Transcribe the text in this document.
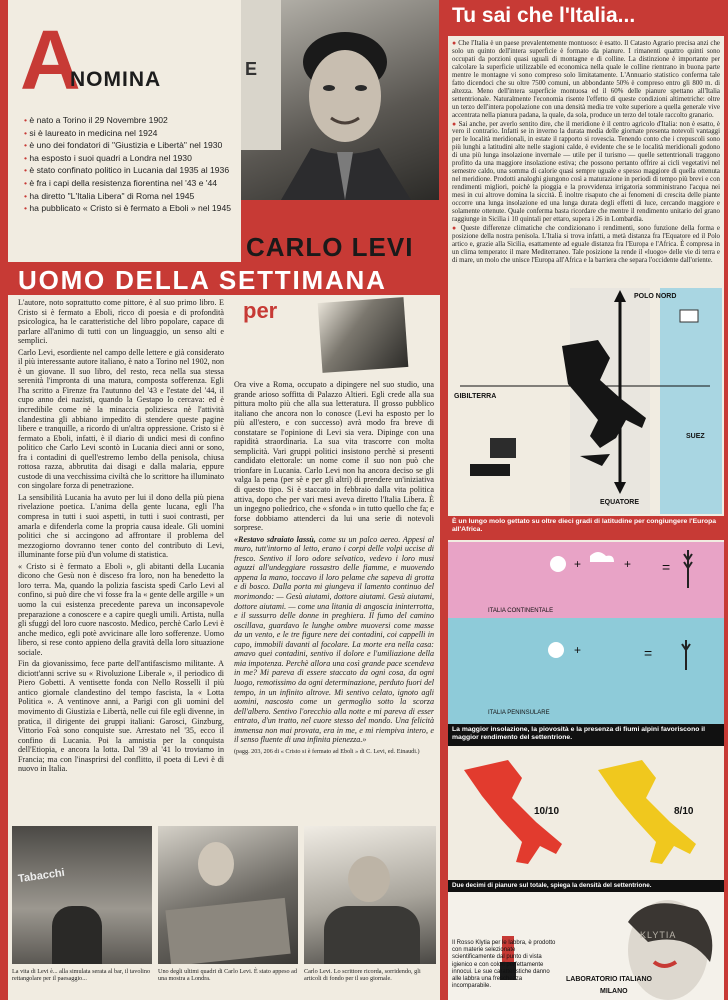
A
NOMINA
• è nato a Torino il 29 Novembre 1902
• si è laureato in medicina nel 1924
• è uno dei fondatori di "Giustizia e Libertà" nel 1930
• ha esposto i suoi quadri a Londra nel 1930
• è stato confinato politico in Lucania dal 1935 al 1936
• è fra i capi della resistenza fiorentina nel '43 e '44
• ha diretto "L'Italia Libera" di Roma nel 1945
• ha pubblicato « Cristo si è fermato a Eboli » nel 1945
E
CARLO LEVI
UOMO DELLA SETTIMANA
per

L'autore, noto soprattutto come pittore, è al suo primo libro. E Cristo si è fermato a Eboli, ricco di poesia e di profondità psicologica, ha le caratteristiche del libro popolare, capace di parlare all'animo di tutti con un linguaggio, un senso alti e semplici.

Carlo Levi, esordiente nel campo delle lettere e già considerato il più interessante autore italiano, è nato a Torino nel 1902, non è un giovane. Il suo libro, del resto, reca nella sua stessa serenità l'impronta di una matura, composta sofferenza. Egli l'ha scritto a Firenze fra l'autunno del '43 e l'estate del '44, il cupo anno dei nazisti, quando la Gestapo lo cercava: ed è incredibile come nè la minaccia poliziesca nè l'attività clandestina gli abbiano impedito di stendere queste pagine libere e tranquille, a ricordo di un'altra oppressione. Cristo si è fermato a Eboli, infatti, è il diario di undici mesi di confino politico che Carlo Levi scontò in Lucania dieci anni or sono, fra i contadini di quell'estremo lembo della penisola, chiusa rottosa razza, abbrutita dai disagi e dalla malaria, eppure custode di una vecchissima civiltà che lo scrittore ha illuminato con singolare forza di penetrazione.

La sensibilità Lucania ha avuto per lui il dono della più piena rivelazione poetica. L'anima della gente lucana, egli l'ha compresa in tutti i suoi aspetti, in tutti i suoi contrasti, per amarla e difenderla come la propria causa ideale. Gli uomini politici che si accingono ad affrontare il problema del mezzogiorno dovranno tener conto del contributo di Levi, illuminante forse più d'un volume di statistica.

« Cristo si è fermato a Eboli », gli abitanti della Lucania dicono che Gesù non è disceso fra loro, non ha benedetto la loro terra. Ma, quando la polizia fascista spedì Carlo Levi al confino, si può dire che vi fosse fra la « gente delle argille » un uomo la cui esistenza precedente pareva un inconsapevole preparazione a conoscere e a capire quegli umili. Artista, nulla gli sfuggì del loro cuore nascosto. Medico, perchè Carlo Levi è anche medico, egli potè avvicinare alle loro sofferenze. Uomo libero, si rese conto appieno della gravità della loro situazione sociale.

Fin da giovanissimo, fece parte dell'antifascismo militante. A diciott'anni scrive su « Rivoluzione Liberale », il periodico di Piero Gobetti. A ventisette fonda con Nello Rosselli il più antico giornale clandestino del tempo fascista, la « Lotta Politica ». A ventinove anni, a Parigi con gli uomini del movimento di Giustizia e Libertà, nelle cui file egli divenne, in pratica, il dirigente dei gruppi italiani: Garosci, Ginzburg, Vittorio Foà sono conquiste sue. Arrestato nel '35, ecco il confino di Lucania. Poi la amnistia per la conquista dell'Etiopia, e ancora la lotta. Dal '39 al '41 lo troviamo in Francia; ma con l'inasprirsi del conflitto, il poeta di Levi è di nuovo in Italia.

Ora vive a Roma, occupato a dipingere nel suo studio, una grande arioso soffitta di Palazzo Altieri. Egli crede alla sua pittura molto più che alla sua letteratura. Il grosso pubblico italiano che ancora non lo conosce (Levi ha esposto per lo più all'estero, e con successo) avrà modo fra breve di constatare se l'opinione di Levi sia vera. Dipinge con una rapidità straordinaria. La sua vita trascorre con molta semplicità. Vari gruppi politici insistono perchè si presenti candidato elettorale: un nome come il suo non può che trionfare in Lucania. Carlo Levi non ha ancora deciso se gli valga la pena (per sè e per gli altri) di prendere un'iniziativa di questo tipo. Si è staccato in febbraio dalla vita politica attiva, dopo che per vari mesi aveva diretto l'Italia Libera. È un ingegno poliedrico, che « sfonda » in tutto quello che fa; e forse dobbiamo attenderci da lui una serie di notevoli sorprese.

«Restavo sdraiato lassù, come su un palco aereo. Appesi al muro, tutt'intorno al letto, erano i corpi delle volpi uccise di fresco. Sentivo il loro odore selvatico, vedevo i loro musi aguzzi all'undeggiare rossastro delle fiamme, e muovendo appena la mano, toccavo il loro pelame che sapeva di grotta e di bosco. Dalla porta mi giungeva il lamento continuo del morimondo: — Gesù aiutami, dottore aiutami. Gesù aiutami, dottore aiutami. — come una litania di angoscia ininterrotta, e il sussurro delle donne in preghiera. Il fumo del camino oscillava, guardavo le lunghe ombre muoversi come masse da un vento, e le tre figure nere dei contadini, coi cappelli in capo, immobili davanti al focolare. La morte era nella casa: amavo quei contadini, sentivo il dolore e l'umiliazione della mia impotenza. Perchè allora una così grande pace scendeva in me? Mi pareva di essere staccato da ogni cosa, da ogni luogo, remotissimo da ogni determinazione, perduto fuori del tempo, in un infinito altrove. Mi sentivo celato, ignoto agli uomini, nascosto come un germoglio sotto la scorza dell'albero. Sentivo l'orecchio alla notte e mi pareva di esser entrato, d'un tratto, nel cuore stesso del mondo. Una felicità immensa non mai provata, era in me, e mi riempiva intero, e il senso fluente di una infinita pienezza.»

(pagg. 203, 206 di « Cristo si è fermato ad Eboli » di C. Levi, ed. Einaudi.)

Tabacchi
La vita di Levi è... alla simulata serata al bar, il tavolino rettangolare per il paesaggio...
Uno degli ultimi quadri di Carlo Levi. È stato appeso ad una mostra a Londra.
Carlo Levi. Lo scrittore ricorda, sorridendo, gli articoli di fondo per il suo giornale.
Tu sai che l'Italia...

● Che l'Italia è un paese prevalentemente montuoso: è esatto. Il Catasto Agrario precisa anzi che solo un quinto dell'intera superficie è formato da pianure. I rimanenti quattro quinti sono occupati da porzioni quasi uguali di montagne e di colline. La distinzione è importante per calcolare la superficie utilizzabile ed economica nella quale le colline rientrano in buona parte mentre le montagne vi sono compreso solo limitatamente. L'Annuario statistico conferma tale fatto dicendoci che su oltre 7500 comuni, un abbondante 50% è compreso entro gli 800 m. di altezza. Meno dell'intera superficie montuosa ed il 60% delle pianure spettano all'Italia settentrionale. Naturalmente l'economia risente l'effetto di queste condizioni altimetriche: oltre un terzo dell'intera popolazione con una densità media tre volte superiore a quella generale vive accentrata nella pianura padana, la quale, da sola, produce un terzo del totale raccolto granario.

● Sai anche, per averlo sentito dire, che il meridione è il centro agricolo d'Italia: non è esatto, è vero il contrario. Infatti se in inverno la durata media delle giornate presenta notevoli vantaggi per le località meridionali, in estate il rapporto si rovescia. Tenendo conto che i crepuscoli sono più lunghi a latitudini alte nelle stagioni calde, è evidente che se le località meridionali godono di una più lunga insolazione invernale — utile per il turismo — quelle settentrionali traggono profitto da una maggiore insolazione estiva; che possono pertanto offrire ai cicli vegetativi nel semestre caldo, una somma di calorie quasi sempre uguale e spesso maggiore di quella ottenuta nel meridione. Prodotti analoghi giungono così a maturazione in periodi di tempo più brevi e con rendimenti migliori, poichè la pioggia e la provvidenza irrigatoria somministrano l'acqua nei mesi in cui altrove domina la siccità. È inoltre risaputo che ai fenomeni di crescita delle piante occorre una lunga insolazione ed una lunga durata degli effetti di luce, cercando maggiore e solamente ottenute. Quale conferma basta ricordare che mentre il rendimento unitario del grano raggiunge in Sicilia i 10 quintali per ettaro, supera i 26 in Lombardia.

● Queste differenze climatiche che condizionano i rendimenti, sono funzione della forma e posizione della nostra penisola. L'Italia si trova infatti, a metà distanza fra l'Equatore ed il Polo artico e, grazie alla Sicilia, esattamente ad eguale distanza fra l'Europa e l'Africa. È compresa in un clima temperato: il mare Mediterraneo. Tale posizione la rende il «luogo» delle vie di terra e di mare, un molo che unisce l'Europa all'Africa e la barriera che separa l'occidente dall'oriente.

POLO NORD
GIBILTERRA
SUEZ
EQUATORE
È un lungo molo gettato su oltre dieci gradi di latitudine per congiungere l'Europa all'Africa.
+	+ =
ITALIA CONTINENTALE
+	=
ITALIA PENINSULARE
La maggior insolazione, la piovosità e la presenza di fiumi alpini favoriscono il maggior rendimento del settentrione.
10/10	8/10
Due decimi di pianure sul totale, spiega la densità del settentrione.
Il Rosso Klytia per le labbra, è prodotto con materie selezionate scientificamente dal punto di vista igienico e con colori perfettamente innocui. Le sue caratteristiche danno alle labbra una freschezza incomparabile.
KLYTIA
LABORATORIO ITALIANO
MILANO
